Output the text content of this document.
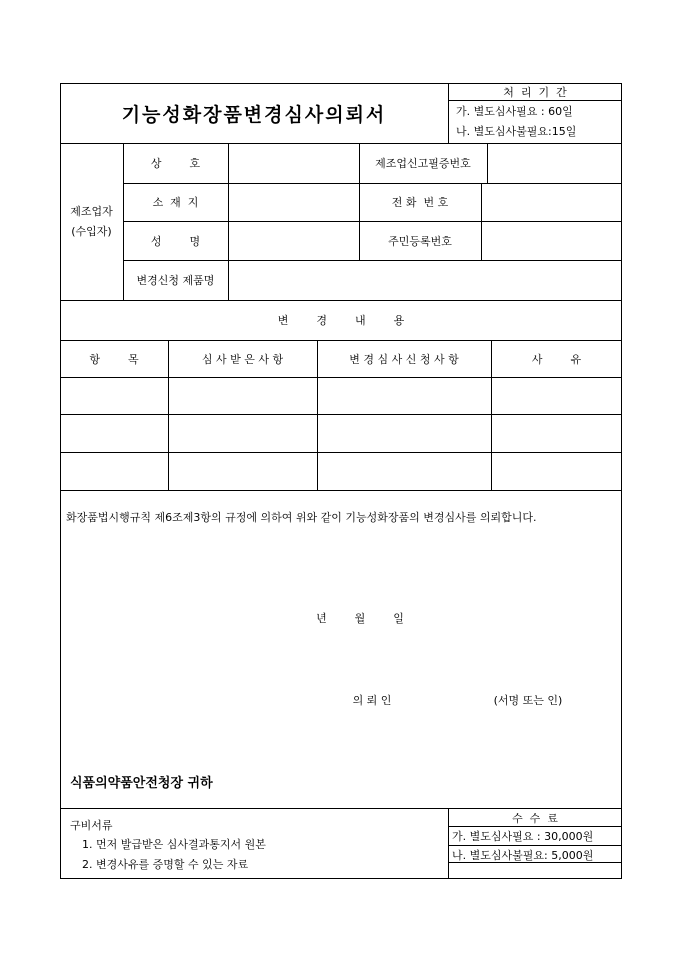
기능성화장품변경심사의뢰서
처  리  기  간
가. 별도심사필요 : 60일
나. 별도심사불필요:15일
제조업자
(수입자)
상        호	제조업신고필증번호
소  재  지	전 화  번 호
성        명	주민등록번호
변경신청 제품명
변        경        내        용
항        목	심 사 받 은 사 항	변 경 심 사 신 청 사 항	사        유
화장품법시행규칙 제6조제3항의 규정에 의하여 위와 같이 기능성화장품의 변경심사를 의뢰합니다.
년        월        일
의 뢰 인	(서명 또는 인)
식품의약품안전청장 귀하
구비서류
1. 먼저 발급받은 심사결과통지서 원본
2. 변경사유를 증명할 수 있는 자료
수  수  료
가. 별도심사필요 : 30,000원
나. 별도심사불필요: 5,000원
